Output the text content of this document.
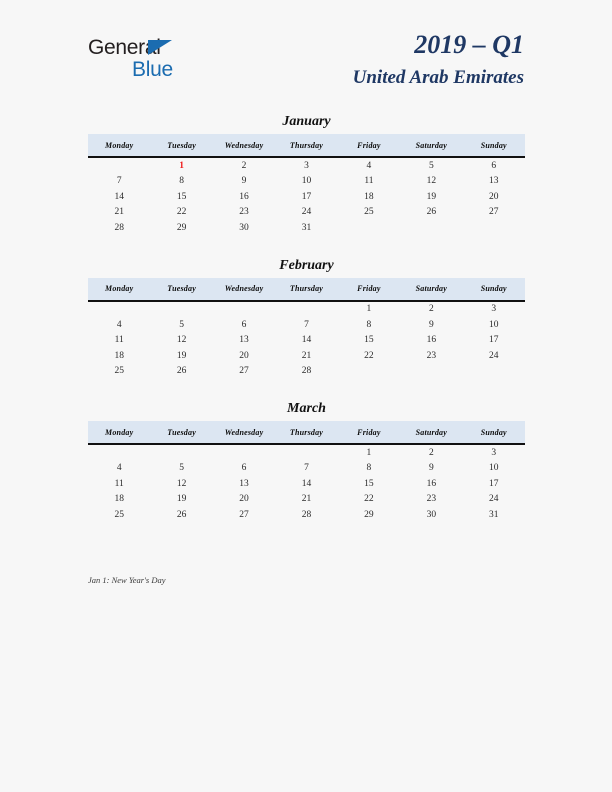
General
Blue
2019 – Q1
United Arab Emirates
January
Monday	Tuesday	Wednesday	Thursday	Friday	Saturday	Sunday
	1	2	3	4	5	6
7	8	9	10	11	12	13
14	15	16	17	18	19	20
21	22	23	24	25	26	27
28	29	30	31			
February
Monday	Tuesday	Wednesday	Thursday	Friday	Saturday	Sunday
				1	2	3
4	5	6	7	8	9	10
11	12	13	14	15	16	17
18	19	20	21	22	23	24
25	26	27	28			
March
Monday	Tuesday	Wednesday	Thursday	Friday	Saturday	Sunday
				1	2	3
4	5	6	7	8	9	10
11	12	13	14	15	16	17
18	19	20	21	22	23	24
25	26	27	28	29	30	31
Jan 1: New Year's Day
